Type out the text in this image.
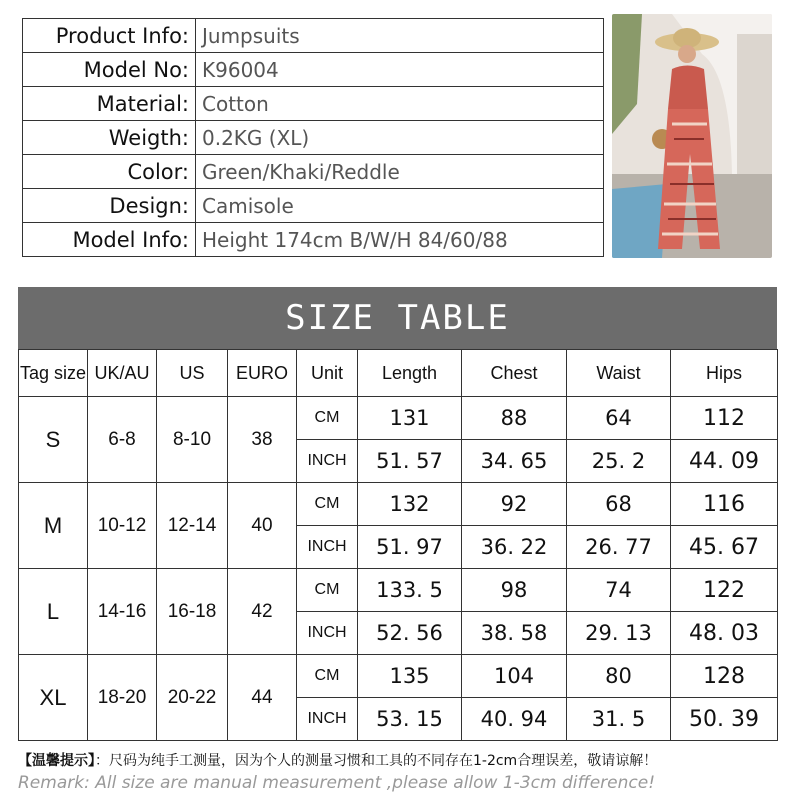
Product Info:	Jumpsuits
Model No:	K96004
Material:	Cotton
Weigth:	0.2KG (XL)
Color:	Green/Khaki/Reddle
Design:	Camisole
Model Info:	Height 174cm B/W/H 84/60/88
SIZE TABLE
Tag size	UK/AU	US	EURO	Unit	Length	Chest	Waist	Hips
S	6-8	8-10	38	CM	131	88	64	112
				INCH	51. 57	34. 65	25. 2	44. 09
M	10-12	12-14	40	CM	132	92	68	116
				INCH	51. 97	36. 22	26. 77	45. 67
L	14-16	16-18	42	CM	133. 5	98	74	122
				INCH	52. 56	38. 58	29. 13	48. 03
XL	18-20	20-22	44	CM	135	104	80	128
				INCH	53. 15	40. 94	31. 5	50. 39
【温馨提示】：尺码为纯手工测量，因为个人的测量习惯和工具的不同存在1-2cm合理误差，敬请谅解！
Remark: All size are manual measurement ,please allow 1-3cm difference!
